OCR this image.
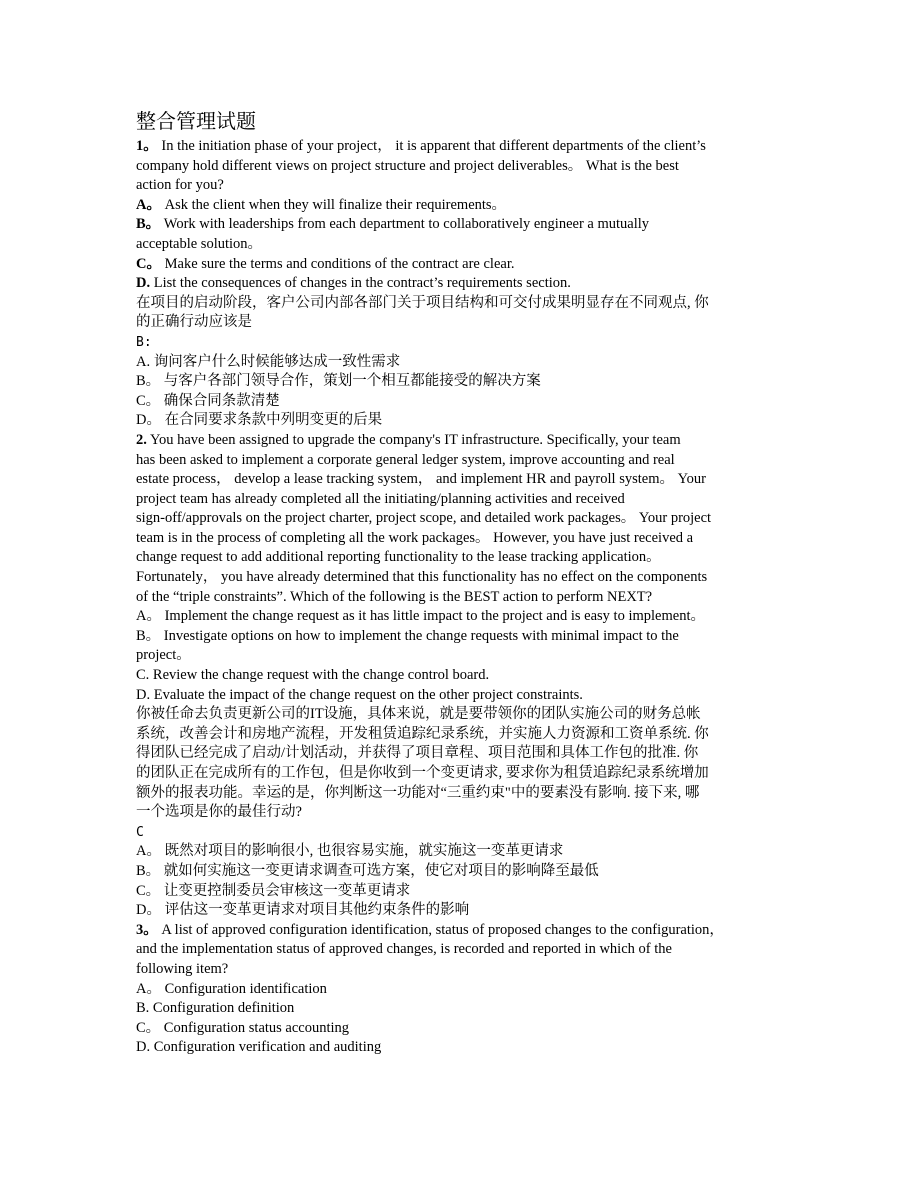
整合管理试题
1。 In the initiation phase of your project， it is apparent that different departments of the client’s
company hold different views on project structure and project deliverables。 What is the best
action for you?
A。 Ask the client when they will finalize their requirements。
B。 Work with leaderships from each department to collaboratively engineer a mutually
acceptable solution。
C。 Make sure the terms and conditions of the contract are clear.
D. List the consequences of changes in the contract’s requirements section.
在项目的启动阶段，客户公司内部各部门关于项目结构和可交付成果明显存在不同观点, 你
的正确行动应该是
B:
A. 询问客户什么时候能够达成一致性需求
B。 与客户各部门领导合作，策划一个相互都能接受的解决方案
C。 确保合同条款清楚
D。 在合同要求条款中列明变更的后果
2. You have been assigned to upgrade the company's IT infrastructure. Specifically, your team
has been asked to implement a corporate general ledger system, improve accounting and real
estate process， develop a lease tracking system， and implement HR and payroll system。 Your
project team has already completed all the initiating/planning activities and received
sign-off/approvals on the project charter, project scope, and detailed work packages。 Your project
team is in the process of completing all the work packages。 However, you have just received a
change request to add additional reporting functionality to the lease tracking application。
Fortunately， you have already determined that this functionality has no effect on the components
of the “triple constraints”. Which of the following is the BEST action to perform NEXT?
A。 Implement the change request as it has little impact to the project and is easy to implement。
B。 Investigate options on how to implement the change requests with minimal impact to the
project。
C. Review the change request with the change control board.
D. Evaluate the impact of the change request on the other project constraints.
你被任命去负责更新公司的IT设施，具体来说，就是要带领你的团队实施公司的财务总帐
系统，改善会计和房地产流程，开发租赁追踪纪录系统，并实施人力资源和工资单系统. 你
得团队已经完成了启动/计划活动，并获得了项目章程、项目范围和具体工作包的批准. 你
的团队正在完成所有的工作包，但是你收到一个变更请求, 要求你为租赁追踪纪录系统增加
额外的报表功能。幸运的是，你判断这一功能对“三重约束"中的要素没有影响. 接下来, 哪
一个选项是你的最佳行动?
C
A。 既然对项目的影响很小, 也很容易实施，就实施这一变革更请求
B。 就如何实施这一变更请求调查可选方案，使它对项目的影响降至最低
C。 让变更控制委员会审核这一变革更请求
D。 评估这一变革更请求对项目其他约束条件的影响
3。 A list of approved configuration identification, status of proposed changes to the configuration，
and the implementation status of approved changes, is recorded and reported in which of the
following item?
A。 Configuration identification
B. Configuration definition
C。 Configuration status accounting
D. Configuration verification and auditing
